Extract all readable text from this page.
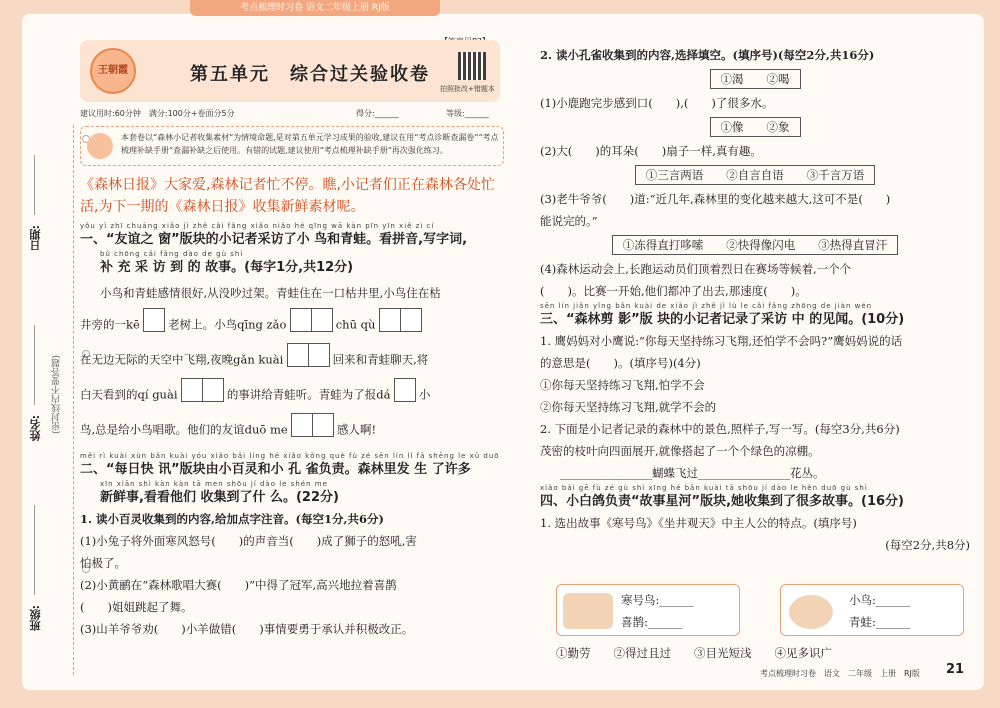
考点梳理时习卷 语文二年级上册 RJ版
日期:
姓名:
班级:
(密封线内不要答题)
王朝霞	第五单元　综合过关验收卷
拍照批改+错题本
建议用时:60分钟　满分:100分+卷面分5分	得分:______	等级:______
本套卷以“森林小记者收集素材”为情境命题,是对第五单元学习成果的验收,建议在用“考点诊断查漏卷”“考点梳理补缺手册”查漏补缺之后使用。有错的试题,建议使用“考点梳理补缺手册”再次强化练习。
《森林日报》大家爱,森林记者忙不停。瞧,小记者们正在森林各处忙活,为下一期的《森林日报》收集新鲜素材呢。
yǒu yì zhī chuāng xiǎo jì zhě cǎi fǎng xiǎo niǎo hé qīng wā kàn pīn yīn xiě zì cí
一、“友谊之 窗”版块的小记者采访了小 鸟和青蛙。看拼音,写字词,
bǔ chōng cǎi fǎng dào de gù shì
补 充 采 访 到 的 故事。(每字1分,共12分)
小鸟和青蛙感情很好,从没吵过架。青蛙住在一口枯井里,小鸟住在枯
井旁的一kē 老树上。小鸟qīng zǎo	chū qù
在无边无际的天空中飞翔,夜晚gǎn kuài	回来和青蛙聊天,将
白天看到的qí guài	的事讲给青蛙听。青蛙为了报dá 小
鸟,总是给小鸟唱歌。他们的友谊duō me	感人啊!
měi rì kuài xùn bǎn kuài yóu xiǎo bǎi líng hé xiǎo kǒng què fù zé sēn lín lǐ fā shēng le xǔ duō
二、“每日快 讯”版块由小百灵和小 孔 雀负责。森林里发 生 了许多
xīn xiān shì kàn kàn tā men shōu jí dào le shén me
新鲜事,看看他们 收集到了什 么。(22分)
1. 读小百灵收集到的内容,给加点字注音。(每空1分,共6分)
(1)小兔子将外面寒风怒号(　　)的声音当(　　)成了狮子的怒吼,害
怕极了。
(2)小黄鹂在“森林歌唱大赛(　　)”中得了冠军,高兴地拉着喜鹊
(　　)姐姐跳起了舞。
(3)山羊爷爷劝(　　)小羊做错(　　)事情要勇于承认并积极改正。
2. 读小孔雀收集到的内容,选择填空。(填序号)(每空2分,共16分)
①渴　　②喝
(1)小鹿跑完步感到口(　　),(　　)了很多水。
①像　　②象
(2)大(　　)的耳朵(　　)扇子一样,真有趣。
①三言两语　　②自言自语　　③千言万语
(3)老牛爷爷(　　)道:“近几年,森林里的变化越来越大,这可不是(　　)
能说完的。”
①冻得直打哆嗦　　②快得像闪电　　③热得直冒汗
(4)森林运动会上,长跑运动员们顶着烈日在赛场等候着,一个个
(　　)。比赛一开始,他们都冲了出去,那速度(　　)。
sēn lín jiǎn yǐng bǎn kuài de xiǎo jì zhě jì lù le cǎi fǎng zhōng de jiàn wén
三、“森林剪 影”版 块的小记者记录了采访 中 的见闻。(10分)
1. 鹰妈妈对小鹰说:“你每天坚持练习飞翔,还怕学不会吗?”鹰妈妈说的话
的意思是(　　)。(填序号)(4分)
①你每天坚持练习飞翔,怕学不会
②你每天坚持练习飞翔,就学不会的
2. 下面是小记者记录的森林中的景色,照样子,写一写。(每空3分,共6分)
茂密的枝叶向四面展开,就像搭起了一个个绿色的凉棚。
________________蝴蝶飞过________________花丛。
xiǎo bái gē fù zé gù shì xīng hé bǎn kuài tā shōu jí dào le hěn duō gù shì
四、小白鸽负责“故事星河”版块,她收集到了很多故事。(16分)
1. 选出故事《寒号鸟》《坐井观天》中主人公的特点。(填序号)
(每空2分,共8分)
寒号鸟:______
喜鹊:______
小鸟:______
青蛙:______
①勤劳　　②得过且过　　③目光短浅　　④见多识广
考点梳理时习卷　语文　二年级　上册　RJ版 21
